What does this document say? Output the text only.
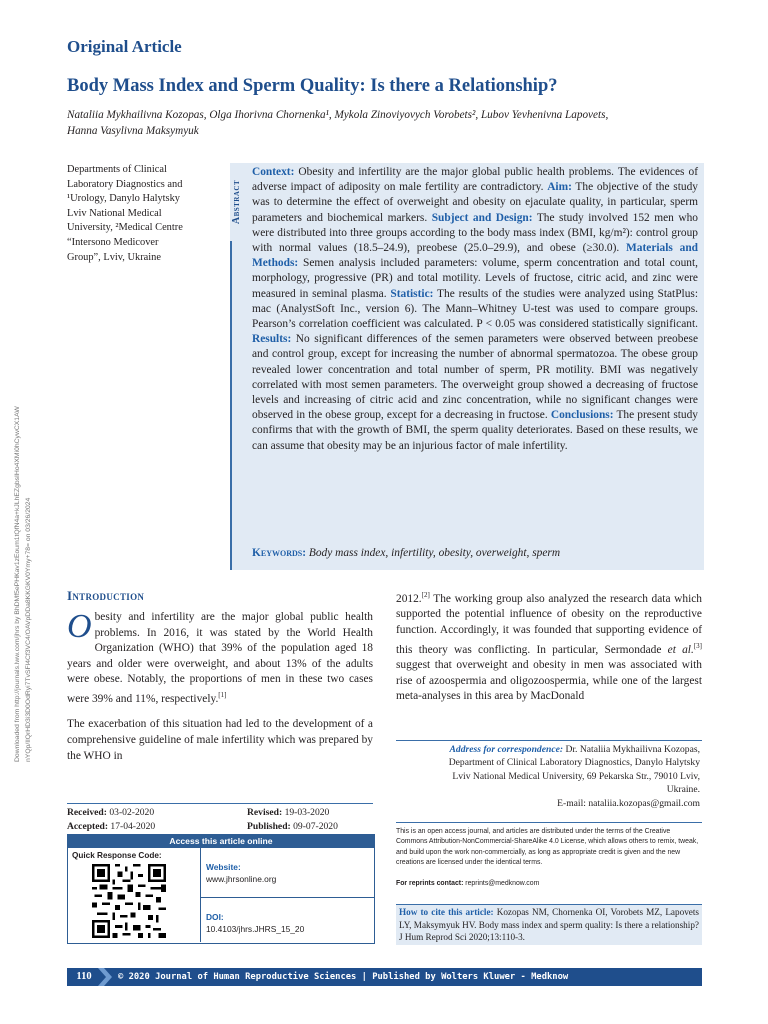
Original Article
Body Mass Index and Sperm Quality: Is there a Relationship?
Nataliia Mykhailivna Kozopas, Olga Ihorivna Chornenka¹, Mykola Zinoviyovych Vorobets², Lubov Yevhenivna Lapovets,
Hanna Vasylivna Maksymyuk
Downloaded from http://journals.lww.com/jhrs by BhDMf5ePHKav1zEoum1tQfN4a+kJLhEZgbsIHo4XMi0hCywCX1AW nYQp/IlQrHD3i3D0OdRyi7TvSFl4Cf3VC4/OAVpDDa8KKGKV0Ymy+78= on 03/26/2024
Departments of Clinical
Laboratory Diagnostics and
¹Urology, Danylo Halytsky
Lviv National Medical
University, ²Medical Centre
“Intersono Medicover
Group”, Lviv, Ukraine
Abstract
Context: Obesity and infertility are the major global public health problems. The evidences of adverse impact of adiposity on male fertility are contradictory. Aim: The objective of the study was to determine the effect of overweight and obesity on ejaculate quality, in particular, sperm parameters and biochemical markers. Subject and Design: The study involved 152 men who were distributed into three groups according to the body mass index (BMI, kg/m²): control group with normal values (18.5–24.9), preobese (25.0–29.9), and obese (≥30.0). Materials and Methods: Semen analysis included parameters: volume, sperm concentration and total count, morphology, progressive (PR) and total motility. Levels of fructose, citric acid, and zinc were measured in seminal plasma. Statistic: The results of the studies were analyzed using StatPlus: mac (AnalystSoft Inc., version 6). The Mann–Whitney U-test was used to compare groups. Pearson’s correlation coefficient was calculated. P < 0.05 was considered statistically significant. Results: No significant differences of the semen parameters were observed between preobese and control group, except for increasing the number of abnormal spermatozoa. The obese group revealed lower concentration and total number of sperm, PR motility. BMI was negatively correlated with most semen parameters. The overweight group showed a decreasing of fructose levels and increasing of citric acid and zinc concentration, while no significant changes were observed in the obese group, except for a decreasing in fructose. Conclusions: The present study confirms that with the growth of BMI, the sperm quality deteriorates. Based on these results, we can assume that obesity may be an injurious factor of male infertility.
Keywords: Body mass index, infertility, obesity, overweight, sperm
Introduction

Obesity and infertility are the major global public health problems. In 2016, it was stated by the World Health Organization (WHO) that 39% of the population aged 18 years and older were overweight, and about 13% of the adults were obese. Notably, the proportions of men in these two cases were 39% and 11%, respectively.[1]

The exacerbation of this situation had led to the development of a comprehensive guideline of male infertility which was prepared by the WHO in

2012.[2] The working group also analyzed the research data which supported the potential influence of obesity on the reproductive function. Accordingly, it was founded that supporting evidence of this theory was conflicting. In particular, Sermondade et al.[3] suggest that overweight and obesity in men was associated with rise of azoospermia and oligozoospermia, while one of the largest meta-analyses in this area by MacDonald
Address for correspondence: Dr. Nataliia Mykhailivna Kozopas,
Department of Clinical Laboratory Diagnostics, Danylo Halytsky
Lviv National Medical University, 69 Pekarska Str., 79010 Lviv,
Ukraine.
E-mail: nataliia.kozopas@gmail.com
Received: 03-02-2020	Revised: 19-03-2020
Accepted: 17-04-2020	Published: 09-07-2020
Access this article online
Quick Response Code:
Website:
www.jhrsonline.org
DOI:
10.4103/jhrs.JHRS_15_20
This is an open access journal, and articles are distributed under the terms of the Creative Commons Attribution-NonCommercial-ShareAlike 4.0 License, which allows others to remix, tweak, and build upon the work non-commercially, as long as appropriate credit is given and the new creations are licensed under the identical terms.
For reprints contact: reprints@medknow.com
How to cite this article: Kozopas NM, Chornenka OI, Vorobets MZ, Lapovets LY, Maksymyuk HV. Body mass index and sperm quality: Is there a relationship? J Hum Reprod Sci 2020;13:110-3.
110	© 2020 Journal of Human Reproductive Sciences | Published by Wolters Kluwer - Medknow
